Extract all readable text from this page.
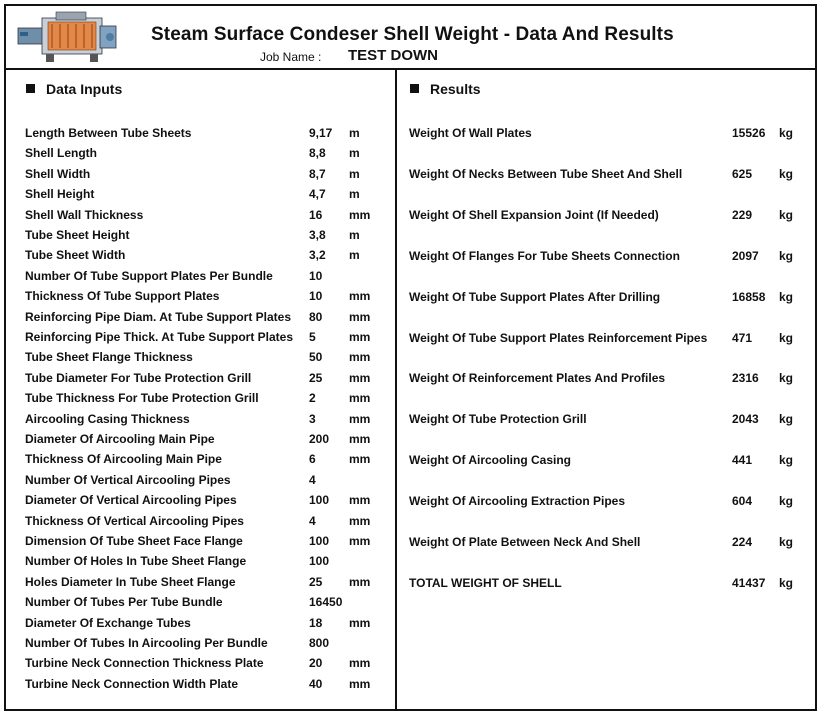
Steam Surface Condeser Shell Weight - Data And Results
Job Name : TEST DOWN
Data Inputs	Results
Length Between Tube Sheets	9,17 m
Shell Length	8,8 m
Shell Width	8,7 m
Shell Height	4,7 m
Shell Wall Thickness	16 mm
Tube Sheet Height	3,8 m
Tube Sheet Width	3,2 m
Number Of Tube Support Plates Per Bundle	10
Thickness Of Tube Support Plates	10 mm
Reinforcing Pipe Diam. At Tube Support Plates 80 mm
Reinforcing Pipe Thick. At Tube Support Plates 5	mm
Tube Sheet Flange Thickness	50 mm
Tube Diameter For Tube Protection Grill	25 mm
Tube Thickness For Tube Protection Grill	2	mm
Aircooling Casing Thickness	3	mm
Diameter Of Aircooling Main Pipe	200 mm
Thickness Of Aircooling Main Pipe	6	mm
Number Of Vertical Aircooling Pipes	4
Diameter Of Vertical Aircooling Pipes	100 mm
Thickness Of Vertical Aircooling Pipes	4	mm
Dimension Of Tube Sheet Face Flange	100 mm
Number Of Holes In Tube Sheet Flange	100
Holes Diameter In Tube Sheet Flange	25 mm
Number Of Tubes Per Tube Bundle	16450
Diameter Of Exchange Tubes	18 mm
Number Of Tubes In Aircooling Per Bundle	800
Turbine Neck Connection Thickness Plate	20 mm
Turbine Neck Connection Width Plate	40 mm
Weight Of Wall Plates	15526 kg
Weight Of Necks Between Tube Sheet And Shell	625 kg
Weight Of Shell Expansion Joint (If Needed)	229 kg
Weight Of Flanges For Tube Sheets Connection	2097 kg
Weight Of Tube Support Plates After Drilling	16858 kg
Weight Of Tube Support Plates Reinforcement Pipes 471 kg
Weight Of Reinforcement Plates And Profiles	2316 kg
Weight Of Tube Protection Grill	2043 kg
Weight Of Aircooling Casing	441 kg
Weight Of Aircooling Extraction Pipes	604 kg
Weight Of Plate Between Neck And Shell	224 kg
TOTAL WEIGHT OF SHELL	41437 kg
